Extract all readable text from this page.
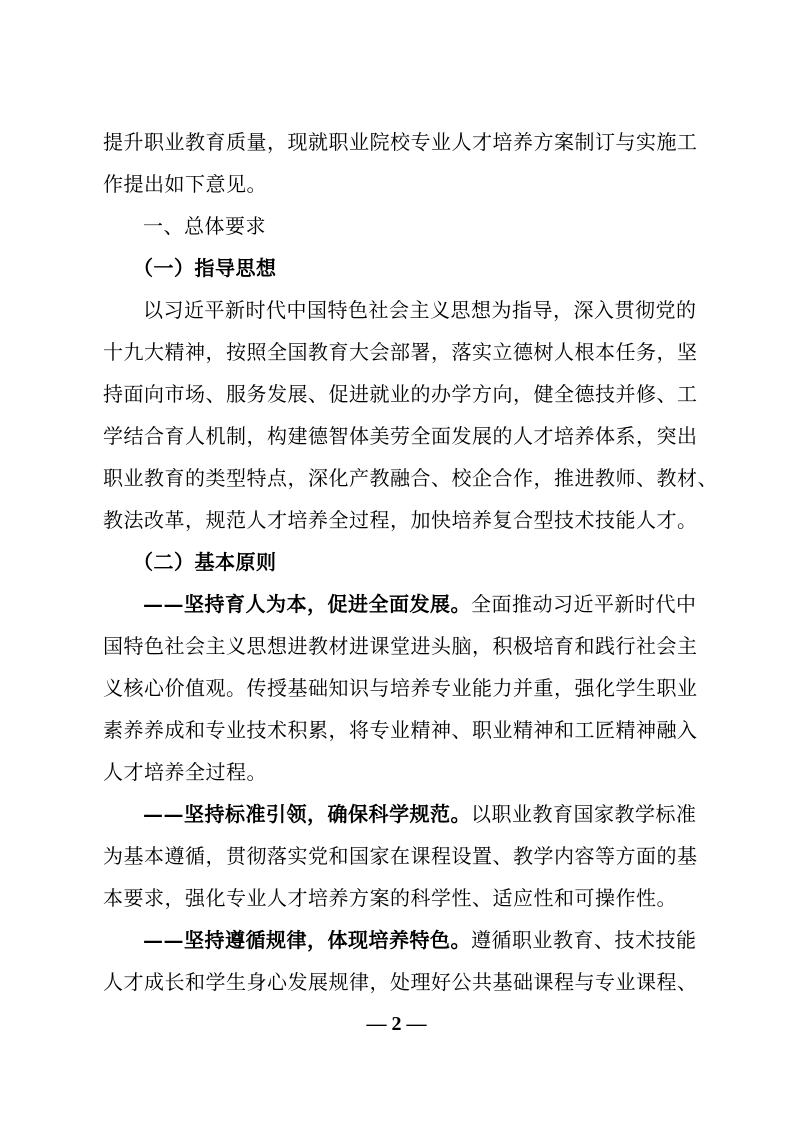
提升职业教育质量，现就职业院校专业人才培养方案制订与实施工
作提出如下意见。
一、总体要求
（一）指导思想
以习近平新时代中国特色社会主义思想为指导，深入贯彻党的
十九大精神，按照全国教育大会部署，落实立德树人根本任务，坚
持面向市场、服务发展、促进就业的办学方向，健全德技并修、工
学结合育人机制，构建德智体美劳全面发展的人才培养体系，突出
职业教育的类型特点，深化产教融合、校企合作，推进教师、教材、
教法改革，规范人才培养全过程，加快培养复合型技术技能人才。
（二）基本原则
——坚持育人为本，促进全面发展。全面推动习近平新时代中
国特色社会主义思想进教材进课堂进头脑，积极培育和践行社会主
义核心价值观。传授基础知识与培养专业能力并重，强化学生职业
素养养成和专业技术积累，将专业精神、职业精神和工匠精神融入
人才培养全过程。
——坚持标准引领，确保科学规范。以职业教育国家教学标准
为基本遵循，贯彻落实党和国家在课程设置、教学内容等方面的基
本要求，强化专业人才培养方案的科学性、适应性和可操作性。
——坚持遵循规律，体现培养特色。遵循职业教育、技术技能
人才成长和学生身心发展规律，处理好公共基础课程与专业课程、
— 2 —
